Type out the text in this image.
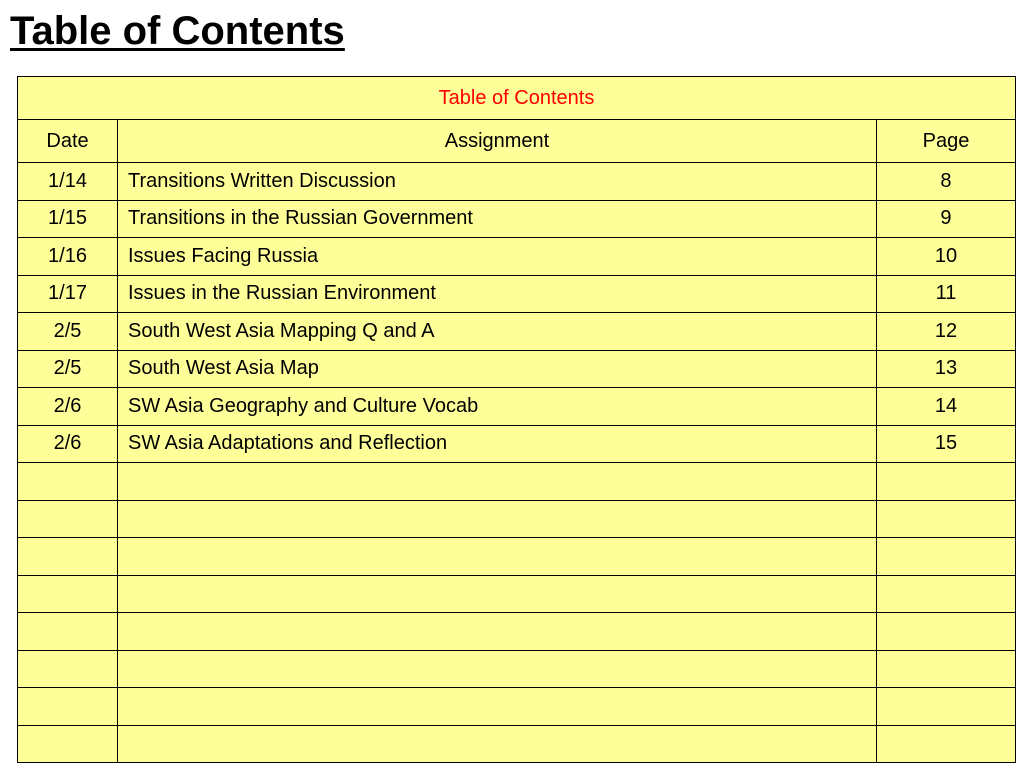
Table of Contents
Table of Contents		
Date	Assignment	Page
1/14	Transitions Written Discussion	8
1/15	Transitions in the Russian Government	9
1/16	Issues Facing Russia	10
1/17	Issues in the Russian Environment	11
2/5	South West Asia Mapping Q and A	12
2/5	South West Asia Map	13
2/6	SW Asia Geography and Culture Vocab	14
2/6	SW Asia Adaptations and Reflection	15
